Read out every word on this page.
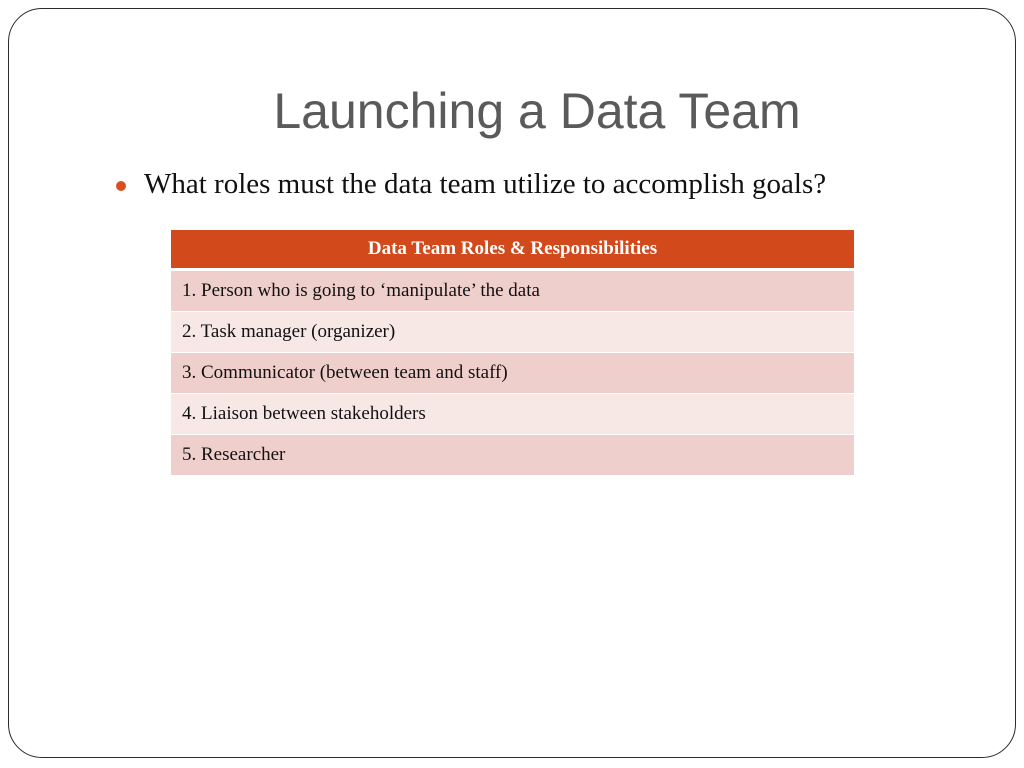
Launching a Data Team
What roles must the data team utilize to accomplish goals?
Data Team Roles & Responsibilities
1. Person who is going to ‘manipulate’ the data
2. Task manager (organizer)
3. Communicator (between team and staff)
4. Liaison between stakeholders
5. Researcher
